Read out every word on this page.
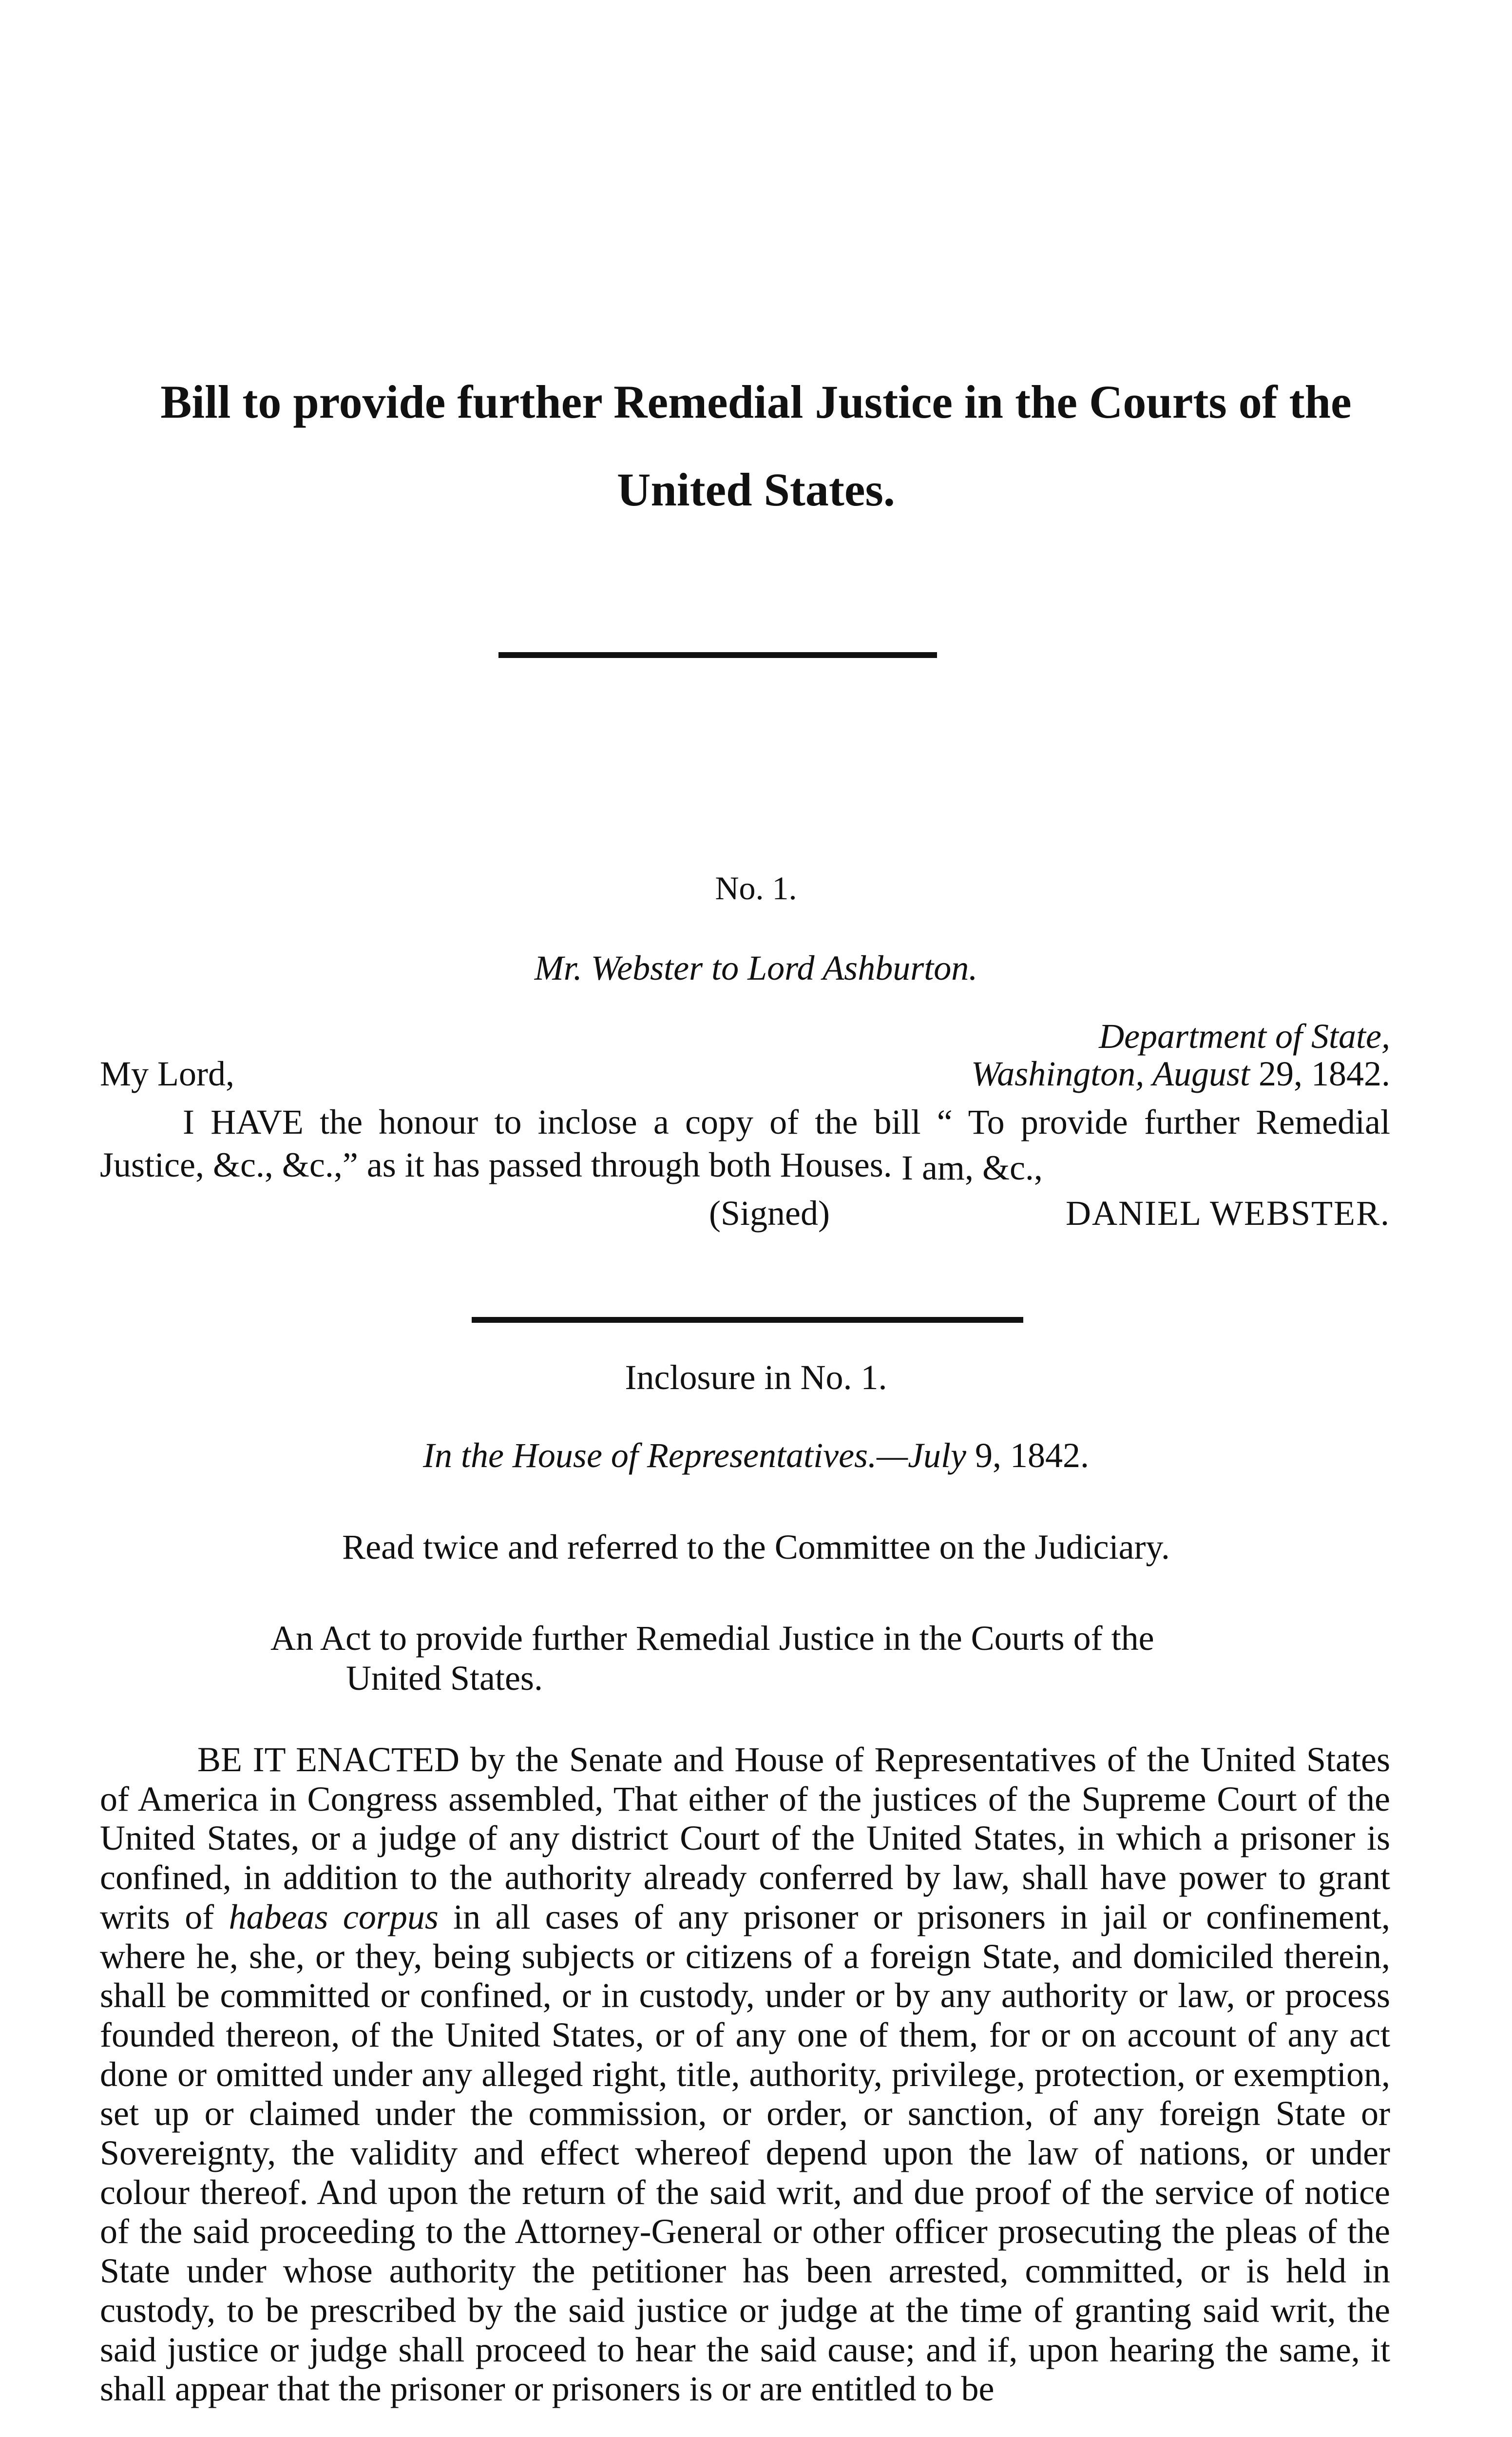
Bill to provide further Remedial Justice in the Courts of the United States.

No. 1.

Mr. Webster to Lord Ashburton.

Department of State,

My Lord,	Washington, August 29, 1842.

I HAVE the honour to inclose a copy of the bill “ To provide further Remedial Justice, &c., &c.,” as it has passed through both Houses. I am, &c.,

(Signed)	DANIEL WEBSTER.

Inclosure in No. 1.

In the House of Representatives.—July 9, 1842.

Read twice and referred to the Committee on the Judiciary.

An Act to provide further Remedial Justice in the Courts of the
United States.

BE IT ENACTED by the Senate and House of Representatives of the United States of America in Congress assembled, That either of the justices of the Supreme Court of the United States, or a judge of any district Court of the United States, in which a prisoner is confined, in addition to the authority already conferred by law, shall have power to grant writs of habeas corpus in all cases of any prisoner or prisoners in jail or confinement, where he, she, or they, being subjects or citizens of a foreign State, and domiciled therein, shall be committed or confined, or in custody, under or by any authority or law, or process founded thereon, of the United States, or of any one of them, for or on account of any act done or omitted under any alleged right, title, authority, privilege, protection, or exemption, set up or claimed under the commission, or order, or sanction, of any foreign State or Sovereignty, the validity and effect whereof depend upon the law of nations, or under colour thereof. And upon the return of the said writ, and due proof of the service of notice of the said proceeding to the Attorney-General or other officer prosecuting the pleas of the State under whose authority the petitioner has been arrested, committed, or is held in custody, to be prescribed by the said justice or judge at the time of granting said writ, the said justice or judge shall proceed to hear the said cause; and if, upon hearing the same, it shall appear that the prisoner or prisoners is or are entitled to be
